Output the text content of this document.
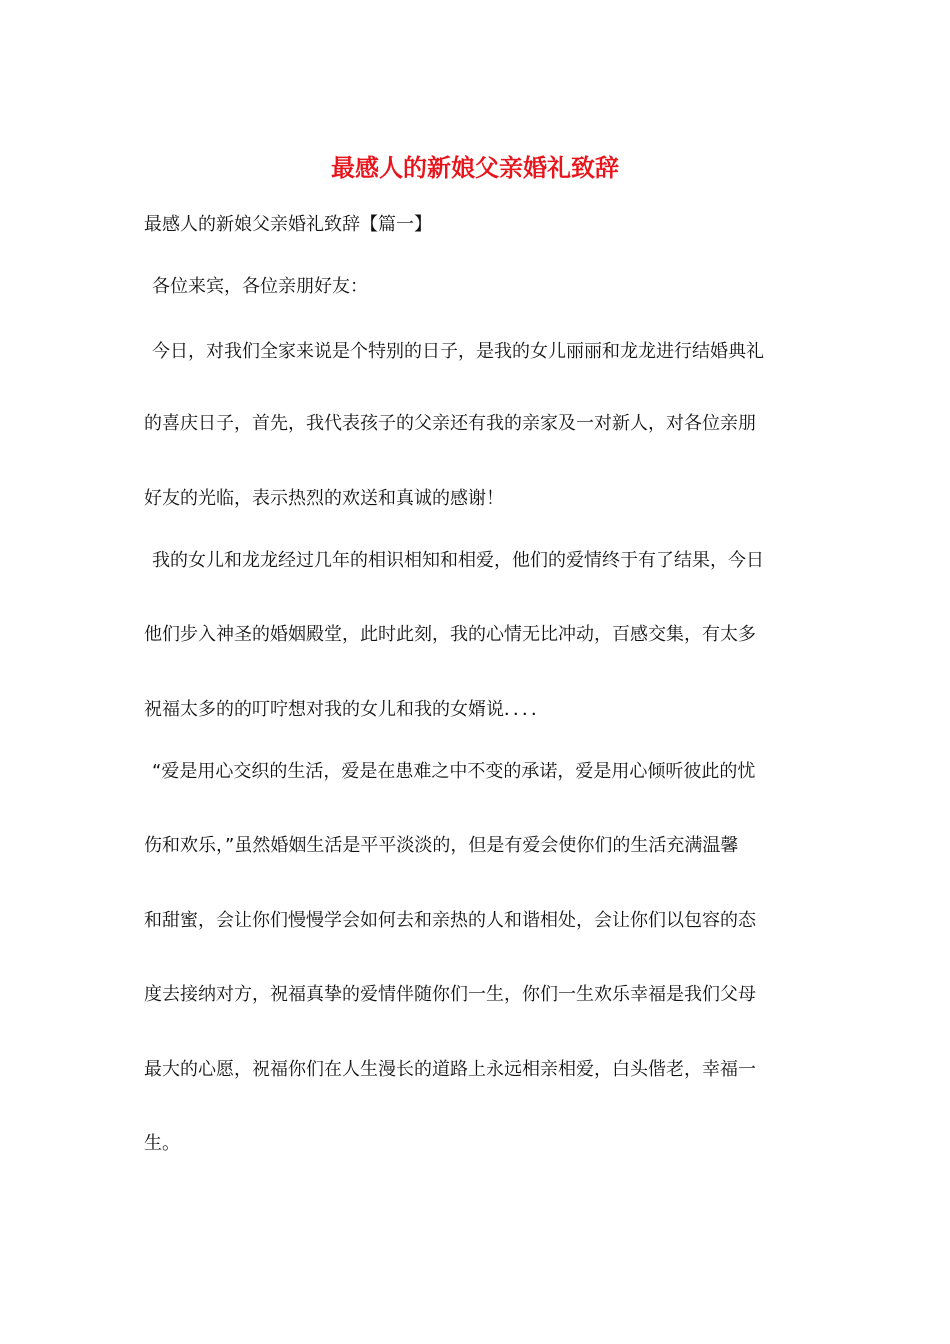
最感人的新娘父亲婚礼致辞
最感人的新娘父亲婚礼致辞【篇一】
各位来宾，各位亲朋好友：
今日，对我们全家来说是个特别的日子，是我的女儿丽丽和龙龙进行结婚典礼
的喜庆日子，首先，我代表孩子的父亲还有我的亲家及一对新人，对各位亲朋
好友的光临，表示热烈的欢送和真诚的感谢！
我的女儿和龙龙经过几年的相识相知和相爱，他们的爱情终于有了结果，今日
他们步入神圣的婚姻殿堂，此时此刻，我的心情无比冲动，百感交集，有太多
祝福太多的的叮咛想对我的女儿和我的女婿说．．．．
“爱是用心交织的生活，爱是在患难之中不变的承诺，爱是用心倾听彼此的忧
伤和欢乐，”虽然婚姻生活是平平淡淡的，但是有爱会使你们的生活充满温馨
和甜蜜，会让你们慢慢学会如何去和亲热的人和谐相处，会让你们以包容的态
度去接纳对方，祝福真挚的爱情伴随你们一生，你们一生欢乐幸福是我们父母
最大的心愿，祝福你们在人生漫长的道路上永远相亲相爱，白头偕老，幸福一
生。
